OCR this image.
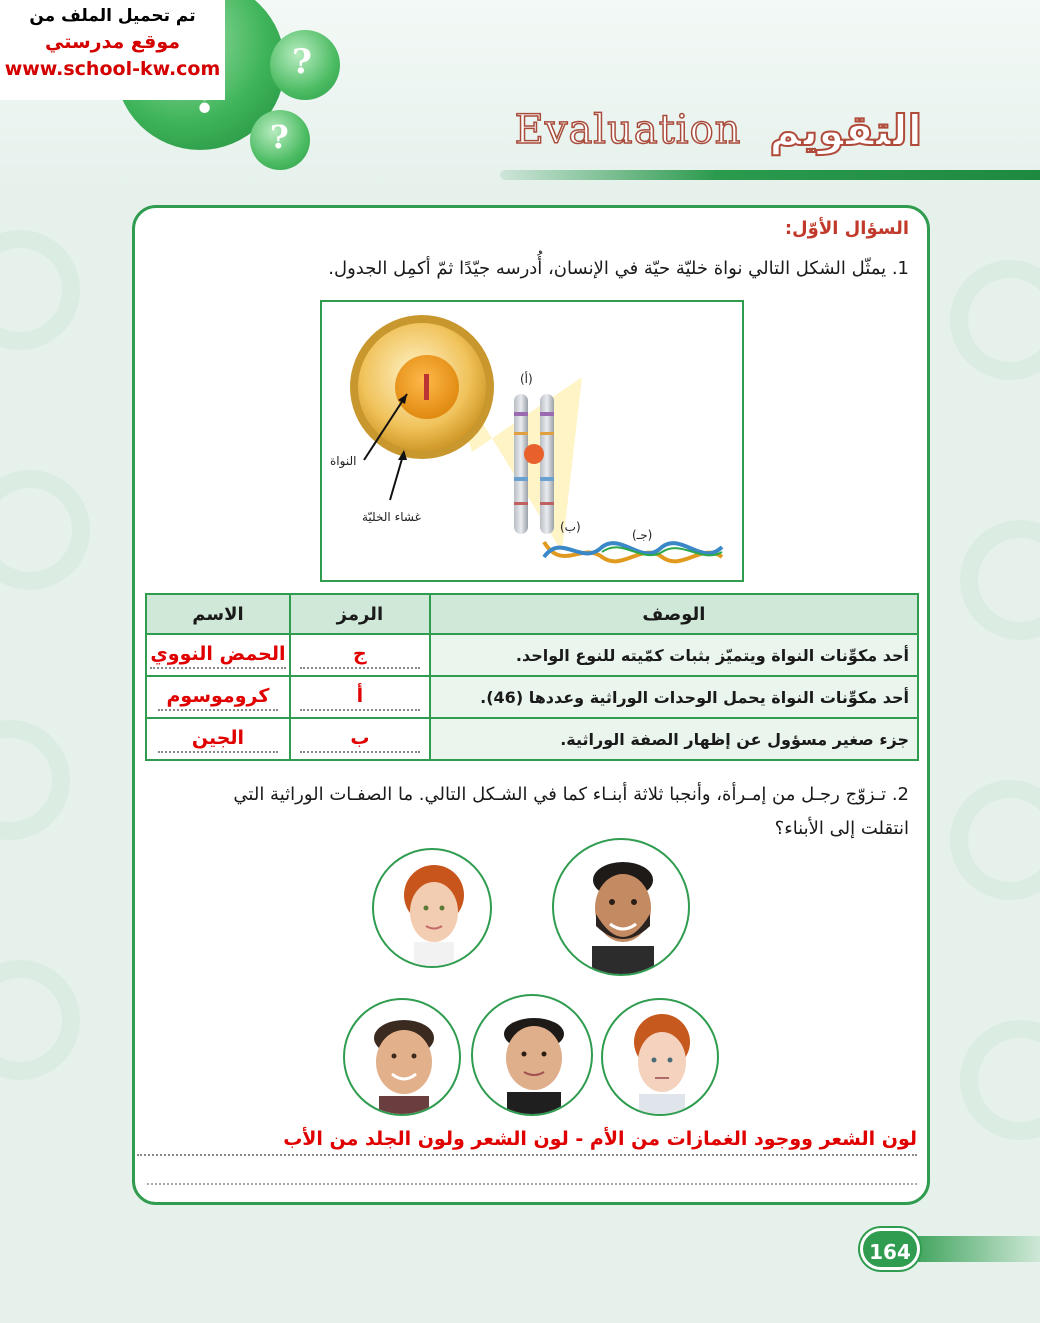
?
?
تم تحميل الملف من
موقع مدرستي
www.school-kw.com
Evaluation التقويم
السؤال الأوّل:
1. يمثّل الشكل التالي نواة خليّة حيّة في الإنسان، أُدرسه جيّدًا ثمّ أكمِل الجدول.
النواة
غشاء الخليّة
(أ)
(ب)
(جـ)
الوصف	الرمز	الاسم
أحد مكوِّنات النواة ويتميّز بثبات كمّيته للنوع الواحد.	ج	الحمض النووي
أحد مكوِّنات النواة يحمل الوحدات الوراثية وعددها (46).	أ	كروموسوم
جزء صغير مسؤول عن إظهار الصفة الوراثية.	ب	الجين
2. تـزوّج رجـل من إمـرأة، وأنجبا ثلاثة أبنـاء كما في الشـكل التالي. ما الصفـات الوراثية التي
انتقلت إلى الأبناء؟
لون الشعر ووجود الغمازات من الأم - لون الشعر ولون الجلد من الأب
164
